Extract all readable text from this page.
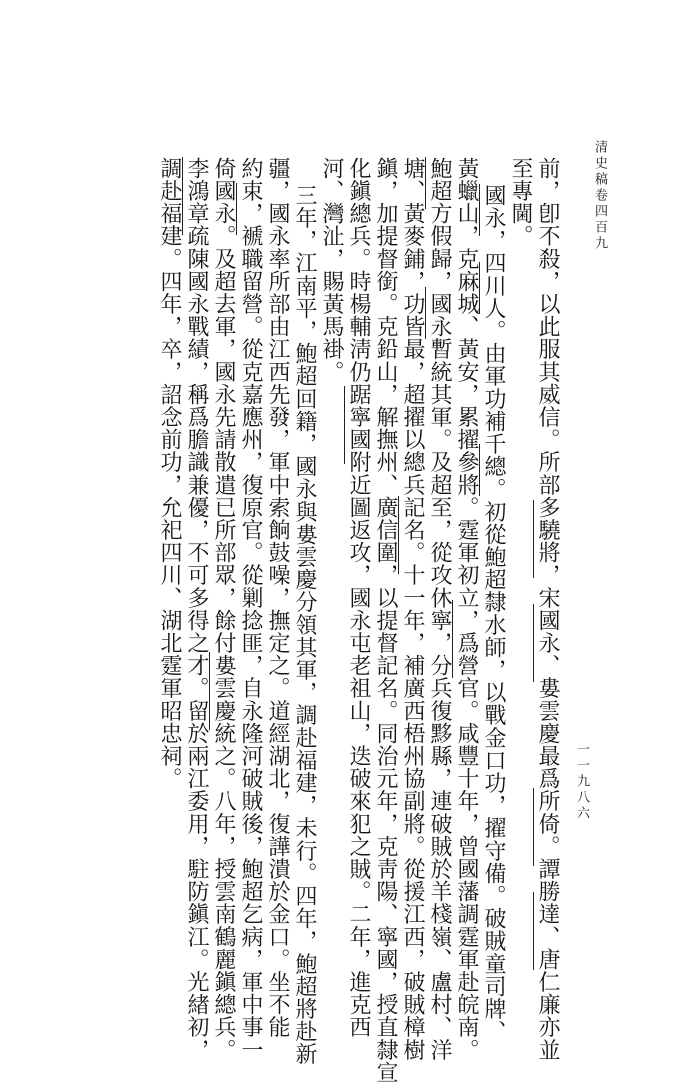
清史稿卷四百九
一一九八六
前，卽不殺，以此服其威信。所部多驍將，宋國永、婁雲慶最爲所倚。譚勝達、唐仁廉亦並
至專閫。
國永，四川人。由軍功補千總。初從鮑超隸水師，以戰金口功，擢守備。破賊童司牌、
黃蠟山，克麻城、黃安，累擢參將。霆軍初立，爲營官。咸豐十年，曾國藩調霆軍赴皖南。
鮑超方假歸，國永暫統其軍。及超至，從攻休寧，分兵復黟縣，連破賊於羊棧嶺、盧村、洋
塘、黃麥鋪，功皆最，超擢以總兵記名。十一年，補廣西梧州協副將。從援江西，破賊樟樹
鎭，加提督銜。克鉛山，解撫州、廣信圍，以提督記名。同治元年，克靑陽、寧國，授直隸宣
化鎭總兵。時楊輔淸仍踞寧國附近圖返攻，國永屯老祖山，迭破來犯之賊。二年，進克西
河、灣沚，賜黃馬褂。
三年，江南平，鮑超回籍，國永與婁雲慶分領其軍，調赴福建，未行。四年，鮑超將赴新
疆，國永率所部由江西先發，軍中索餉鼓噪，撫定之。道經湖北，復譁潰於金口。坐不能
約束，褫職留營。從克嘉應州，復原官。從剿捻匪，自永隆河破賊後，鮑超乞病，軍中事一
倚國永。及超去軍，國永先請散遣已所部眾，餘付婁雲慶統之。八年，授雲南鶴麗鎭總兵。
李鴻章疏陳國永戰績，稱爲膽識兼優，不可多得之才。留於兩江委用，駐防鎭江。光緖初，
調赴福建。四年，卒，詔念前功，允祀四川、湖北霆軍昭忠祠。
